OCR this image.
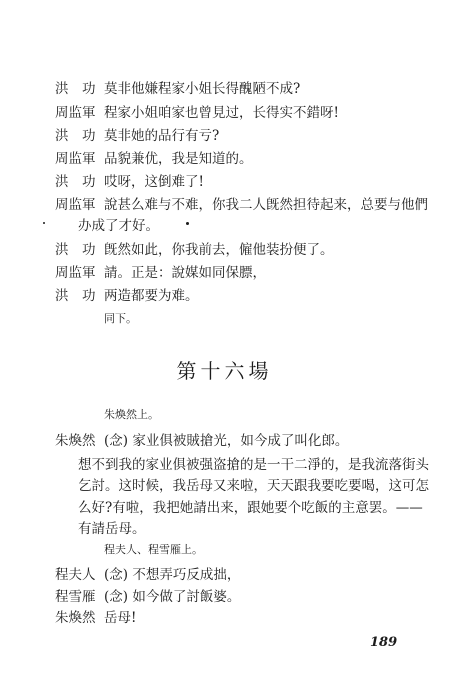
洪　功 莫非他嫌程家小姐长得醜陋不成?
周监軍 程家小姐咱家也曾見过，长得实不錯呀!
洪　功 莫非她的品行有亏?
周监軍 品貌兼优，我是知道的。
洪　功 哎呀，这倒难了!
周监軍 說甚么难与不难，你我二人旣然担待起来，总要与他們
办成了才好。
洪　功 旣然如此，你我前去，僱他装扮便了。
周监軍 請。正是：說媒如同保膘，
洪　功 两造都要为难。
同下。
第十六場
朱煥然上。
朱煥然 (念) 家业俱被賊搶光，如今成了叫化郎。
想不到我的家业俱被强盗搶的是一干二淨的，是我流落街头
乞討。这时候，我岳母又来啦，天天跟我要吃要喝，这可怎
么好?有啦，我把她請出来，跟她要个吃飯的主意罢。——
有請岳母。
程夫人、程雪雁上。
程夫人 (念) 不想弄巧反成拙，
程雪雁 (念) 如今做了討飯婆。
朱煥然 岳母!
189
